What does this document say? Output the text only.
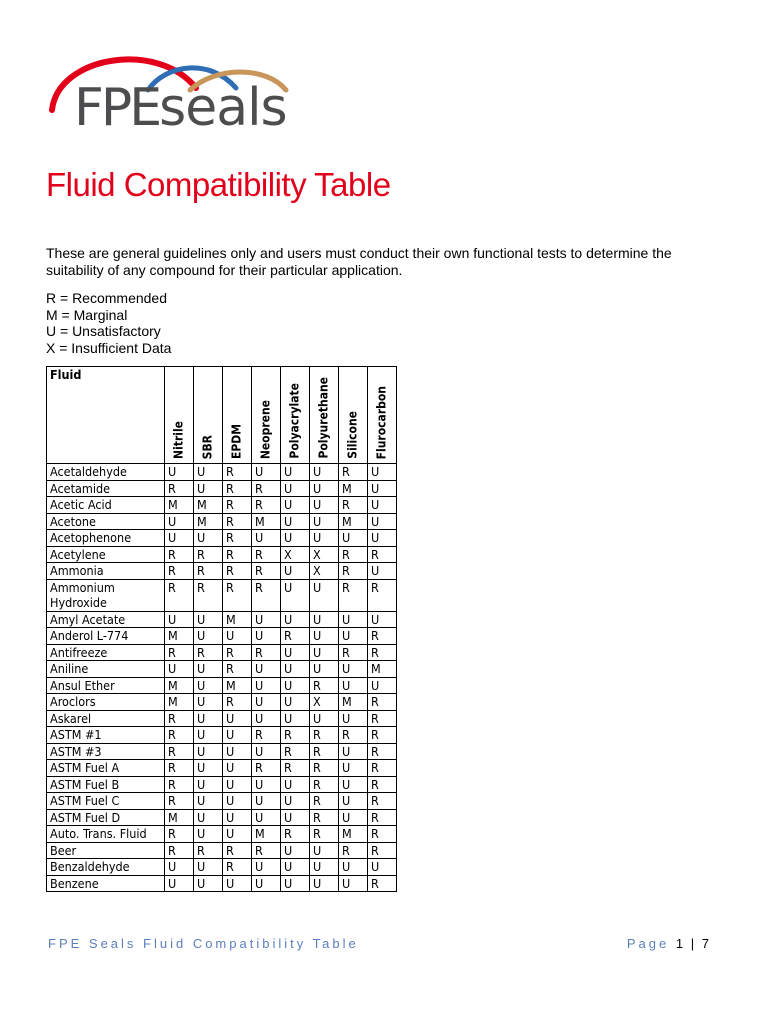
FPEseals
Fluid Compatibility Table

These are general guidelines only and users must conduct their own functional tests to determine the suitability of any compound for their particular application.

R = Recommended
M = Marginal
U = Unsatisfactory
X = Insufficient Data
Fluid	Nitrile	SBR	EPDM	Neoprene	Polyacrylate	Polyurethane	Silicone	Flurocarbon

Acetaldehyde	U	U	R	U	U	U	R	U
Acetamide	R	U	R	R	U	U	M	U
Acetic Acid	M	M	R	R	U	U	R	U
Acetone	U	M	R	M	U	U	M	U
Acetophenone	U	U	R	U	U	U	U	U
Acetylene	R	R	R	R	X	X	R	R
Ammonia	R	R	R	R	U	X	R	U
Ammonium Hydroxide	R	R	R	R	U	U	R	R
Amyl Acetate	U	U	M	U	U	U	U	U
Anderol L-774	M	U	U	U	R	U	U	R
Antifreeze	R	R	R	R	U	U	R	R
Aniline	U	U	R	U	U	U	U	M
Ansul Ether	M	U	M	U	U	R	U	U
Aroclors	M	U	R	U	U	X	M	R
Askarel	R	U	U	U	U	U	U	R
ASTM #1	R	U	U	R	R	R	R	R
ASTM #3	R	U	U	U	R	R	U	R
ASTM Fuel A	R	U	U	R	R	R	U	R
ASTM Fuel B	R	U	U	U	U	R	U	R
ASTM Fuel C	R	U	U	U	U	R	U	R
ASTM Fuel D	M	U	U	U	U	R	U	R
Auto. Trans. Fluid	R	U	U	M	R	R	M	R
Beer	R	R	R	R	U	U	R	R
Benzaldehyde	U	U	R	U	U	U	U	U
Benzene	U	U	U	U	U	U	U	R
FPE Seals Fluid Compatibility Table	Page 1 | 7
